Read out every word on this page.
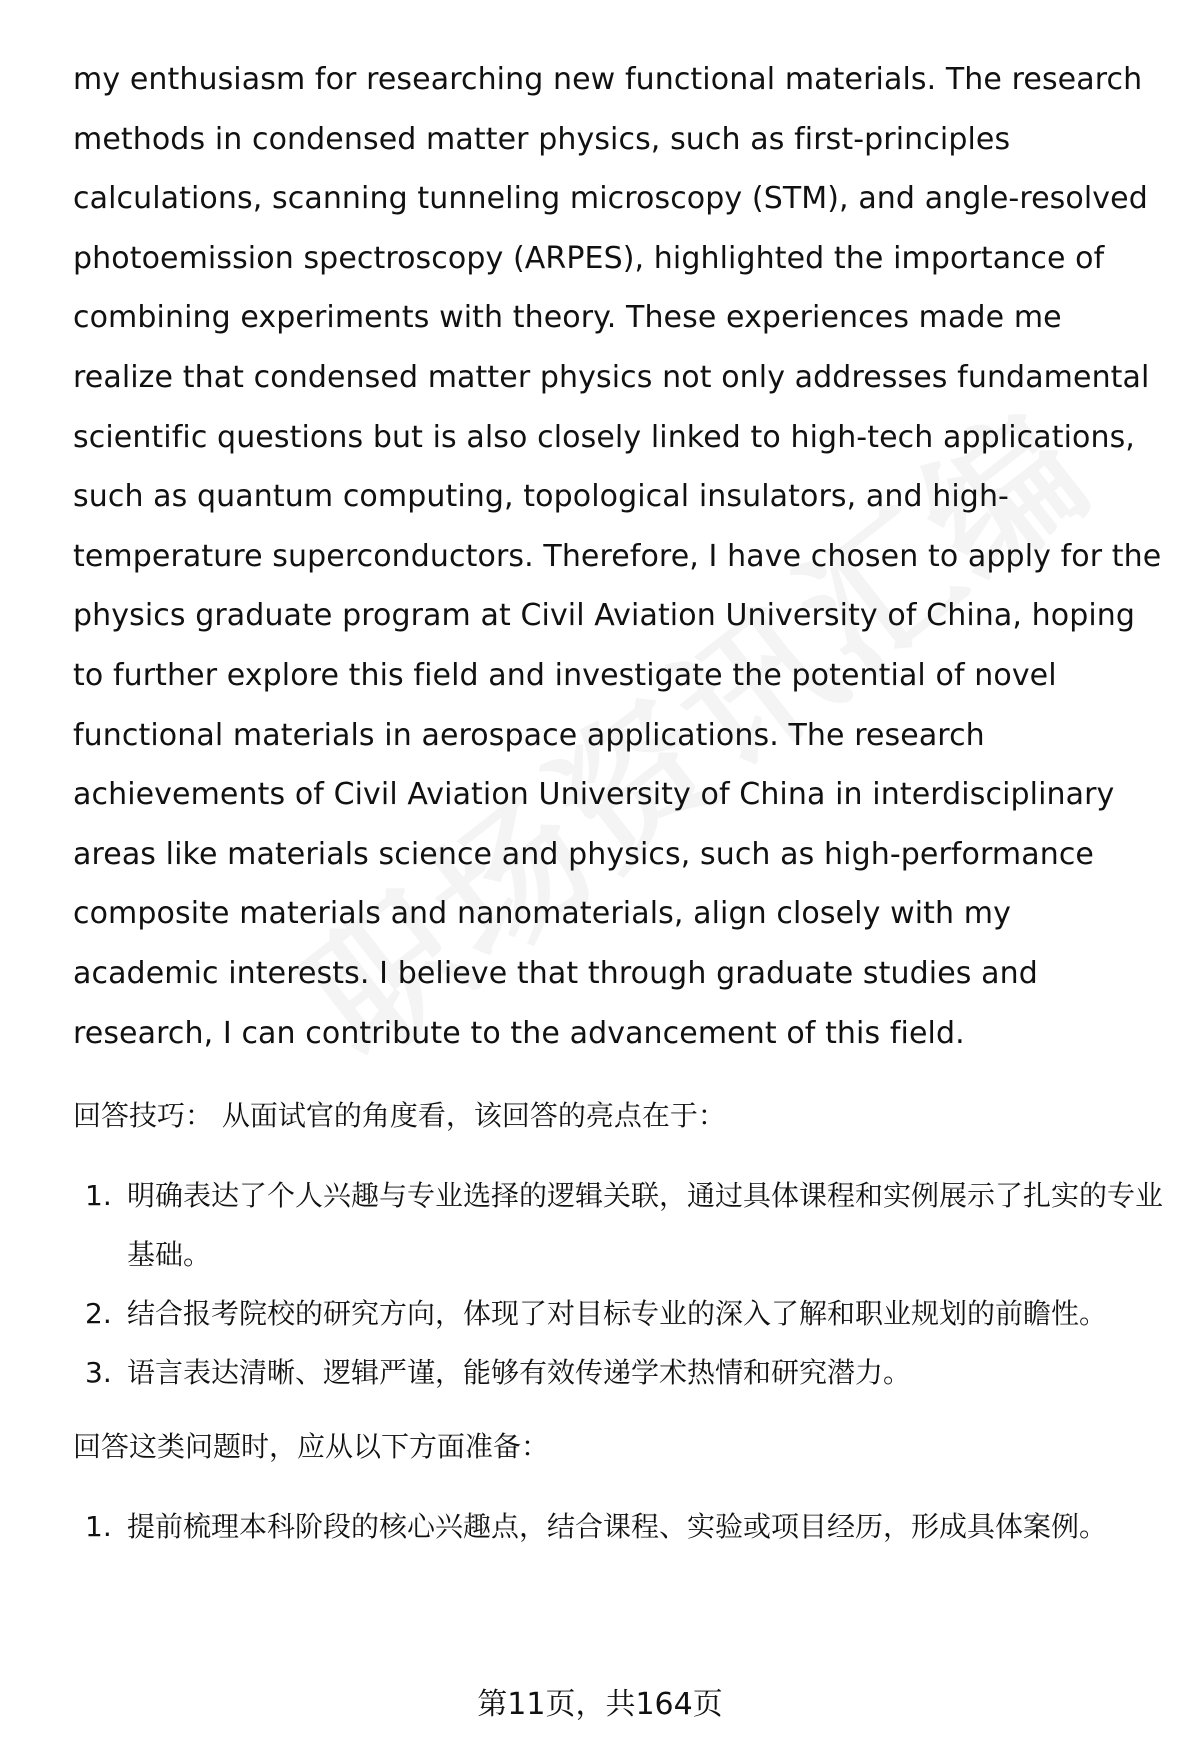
my enthusiasm for researching new functional materials. The research methods in condensed matter physics, such as first-principles calculations, scanning tunneling microscopy (STM), and angle-resolved photoemission spectroscopy (ARPES), highlighted the importance of combining experiments with theory. These experiences made me realize that condensed matter physics not only addresses fundamental scientific questions but is also closely linked to high-tech applications, such as quantum computing, topological insulators, and high-temperature superconductors. Therefore, I have chosen to apply for the physics graduate program at Civil Aviation University of China, hoping to further explore this field and investigate the potential of novel functional materials in aerospace applications. The research achievements of Civil Aviation University of China in interdisciplinary areas like materials science and physics, such as high-performance composite materials and nanomaterials, align closely with my academic interests. I believe that through graduate studies and research, I can contribute to the advancement of this field.

回答技巧： 从面试官的角度看，该回答的亮点在于：

1. 明确表达了个人兴趣与专业选择的逻辑关联，通过具体课程和实例展示了扎实的专业基础。
2. 结合报考院校的研究方向，体现了对目标专业的深入了解和职业规划的前瞻性。
3. 语言表达清晰、逻辑严谨，能够有效传递学术热情和研究潜力。

回答这类问题时，应从以下方面准备：

1. 提前梳理本科阶段的核心兴趣点，结合课程、实验或项目经历，形成具体案例。
第11页，共164页
